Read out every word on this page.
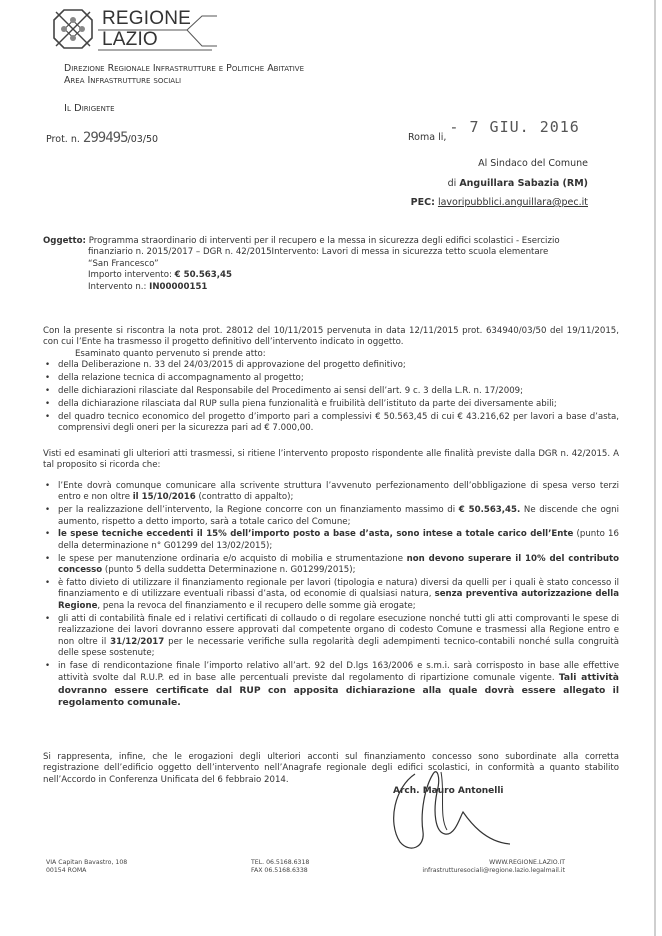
REGIONE
LAZIO
Direzione Regionale Infrastrutture e Politiche Abitative
Area Infrastrutture sociali
Il Dirigente
Prot. n. 299495/03/50	Roma li, - 7 GIU. 2016
Al Sindaco del Comune
di Anguillara Sabazia (RM)
PEC: lavoripubblici.anguillara@pec.it
Oggetto: Programma straordinario di interventi per il recupero e la messa in sicurezza degli edifici scolastici - Esercizio
finanziario n. 2015/2017 – DGR n. 42/2015Intervento: Lavori di messa in sicurezza tetto scuola elementare
“San Francesco”
Importo intervento: € 50.563,45
Intervento n.: IN00000151
Con la presente si riscontra la nota prot. 28012 del 10/11/2015 pervenuta in data 12/11/2015 prot. 634940/03/50 del 19/11/2015, con cui l’Ente ha trasmesso il progetto definitivo dell’intervento indicato in oggetto.
Esaminato quanto pervenuto si prende atto:
• della Deliberazione n. 33 del 24/03/2015 di approvazione del progetto definitivo;
• della relazione tecnica di accompagnamento al progetto;
• delle dichiarazioni rilasciate dal Responsabile del Procedimento ai sensi dell’art. 9 c. 3 della L.R. n. 17/2009;
• della dichiarazione rilasciata dal RUP sulla piena funzionalità e fruibilità dell’istituto da parte dei diversamente abili;
• del quadro tecnico economico del progetto d’importo pari a complessivi € 50.563,45 di cui € 43.216,62 per lavori a base d’asta, comprensivi degli oneri per la sicurezza pari ad € 7.000,00.
Visti ed esaminati gli ulteriori atti trasmessi, si ritiene l’intervento proposto rispondente alle finalità previste dalla DGR n. 42/2015. A tal proposito si ricorda che:
• l’Ente dovrà comunque comunicare alla scrivente struttura l’avvenuto perfezionamento dell’obbligazione di spesa verso terzi entro e non oltre il 15/10/2016 (contratto di appalto);
• per la realizzazione dell’intervento, la Regione concorre con un finanziamento massimo di € 50.563,45. Ne discende che ogni aumento, rispetto a detto importo, sarà a totale carico del Comune;
• le spese tecniche eccedenti il 15% dell’importo posto a base d’asta, sono intese a totale carico dell’Ente (punto 16 della determinazione n° G01299 del 13/02/2015);
• le spese per manutenzione ordinaria e/o acquisto di mobilia e strumentazione non devono superare il 10% del contributo concesso (punto 5 della suddetta Determinazione n. G01299/2015);
• è fatto divieto di utilizzare il finanziamento regionale per lavori (tipologia e natura) diversi da quelli per i quali è stato concesso il finanziamento e di utilizzare eventuali ribassi d’asta, od economie di qualsiasi natura, senza preventiva autorizzazione della Regione, pena la revoca del finanziamento e il recupero delle somme già erogate;
• gli atti di contabilità finale ed i relativi certificati di collaudo o di regolare esecuzione nonché tutti gli atti comprovanti le spese di realizzazione dei lavori dovranno essere approvati dal competente organo di codesto Comune e trasmessi alla Regione entro e non oltre il 31/12/2017 per le necessarie verifiche sulla regolarità degli adempimenti tecnico-contabili nonché sulla congruità delle spese sostenute;
• in fase di rendicontazione finale l’importo relativo all’art. 92 del D.lgs 163/2006 e s.m.i. sarà corrisposto in base alle effettive attività svolte dal R.U.P. ed in base alle percentuali previste dal regolamento di ripartizione comunale vigente. Tali attività dovranno essere certificate dal RUP con apposita dichiarazione alla quale dovrà essere allegato il regolamento comunale.
Si rappresenta, infine, che le erogazioni degli ulteriori acconti sul finanziamento concesso sono subordinate alla corretta registrazione dell’edificio oggetto dell’intervento nell’Anagrafe regionale degli edifici scolastici, in conformità a quanto stabilito nell’Accordo in Conferenza Unificata del 6 febbraio 2014.
Arch. Mauro Antonelli
VIA Capitan Bavastro, 108
00154 ROMA
TEL. 06.5168.6318
FAX 06.5168.6338
WWW.REGIONE.LAZIO.IT
infrastrutturesociali@regione.lazio.legalmail.it
